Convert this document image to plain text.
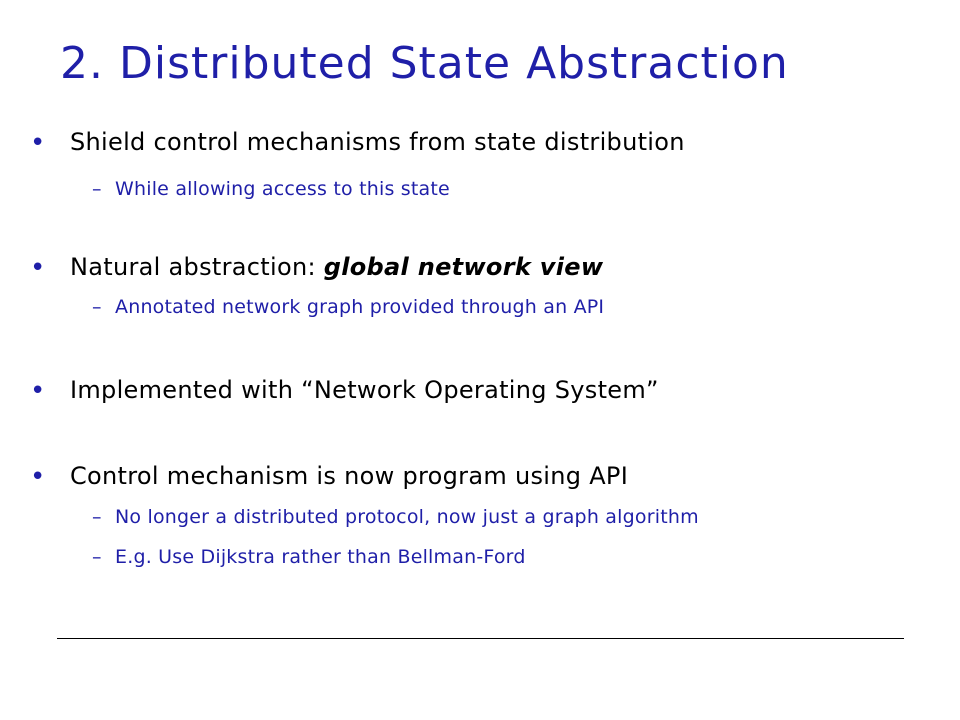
2. Distributed State Abstraction
• Shield control mechanisms from state distribution
– While allowing access to this state
• Natural abstraction: global network view
– Annotated network graph provided through an API
• Implemented with “Network Operating System”
• Control mechanism is now program using API
– No longer a distributed protocol, now just a graph algorithm
– E.g. Use Dijkstra rather than Bellman-Ford
